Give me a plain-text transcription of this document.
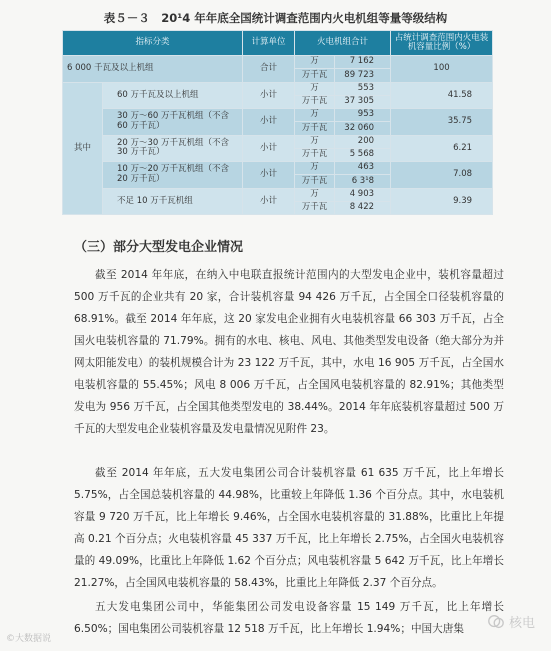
表５－３　20¹4 年年底全国统计调查范围内火电机组等量等级结构
指标分类		计算单位	火电机组合计		占统计调查范围内火电装机容量比例（%）
6 000 千瓦及以上机组		合计	万	7 162	100
			万千瓦	89 723	
其中	60 万千瓦及以上机组	小计	万	553	41.58
			万千瓦	37 305	
	30 万～60 万千瓦机组（不含 60 万千瓦）	小计	万	953	35.75
			万千瓦	32 060	
	20 万～30 万千瓦机组（不含 30 万千瓦）	小计	万	200	6.21
			万千瓦	5 568	
	10 万～20 万千瓦机组（不含 20 万千瓦）	小计	万	463	7.08
			万千瓦	6 3¹8	
	不足 10 万千瓦机组	小计	万	4 903	9.39
			万千瓦	8 422	
（三）部分大型发电企业情况

截至 2014 年年底，在纳入中电联直报统计范围内的大型发电企业中，装机容量超过 500 万千瓦的企业共有 20 家，合计装机容量 94 426 万千瓦，占全国全口径装机容量的 68.91%。截至 2014 年年底，这 20 家发电企业拥有火电装机容量 66 303 万千瓦，占全国火电装机容量的 71.79%。拥有的水电、核电、风电、其他类型发电设备（绝大部分为并网太阳能发电）的装机规模合计为 23 122 万千瓦，其中，水电 16 905 万千瓦，占全国水电装机容量的 55.45%；风电 8 006 万千瓦，占全国风电装机容量的 82.91%；其他类型发电为 956 万千瓦，占全国其他类型发电的 38.44%。2014 年年底装机容量超过 500 万千瓦的大型发电企业装机容量及发电量情况见附件 23。

截至 2014 年年底，五大发电集团公司合计装机容量 61 635 万千瓦，比上年增长 5.75%，占全国总装机容量的 44.98%，比重较上年降低 1.36 个百分点。其中，水电装机容量 9 720 万千瓦，比上年增长 9.46%，占全国水电装机容量的 31.88%，比重比上年提高 0.21 个百分点；火电装机容量 45 337 万千瓦，比上年增长 2.75%，占全国火电装机容量的 49.09%，比重比上年降低 1.62 个百分点；风电装机容量 5 642 万千瓦，比上年增长 21.27%，占全国风电装机容量的 58.43%，比重比上年降低 2.37 个百分点。

五大发电集团公司中，华能集团公司发电设备容量 15 149 万千瓦，比上年增长 6.50%；国电集团公司装机容量 12 518 万千瓦，比上年增长 1.94%；中国大唐集

©大数据说
核电
